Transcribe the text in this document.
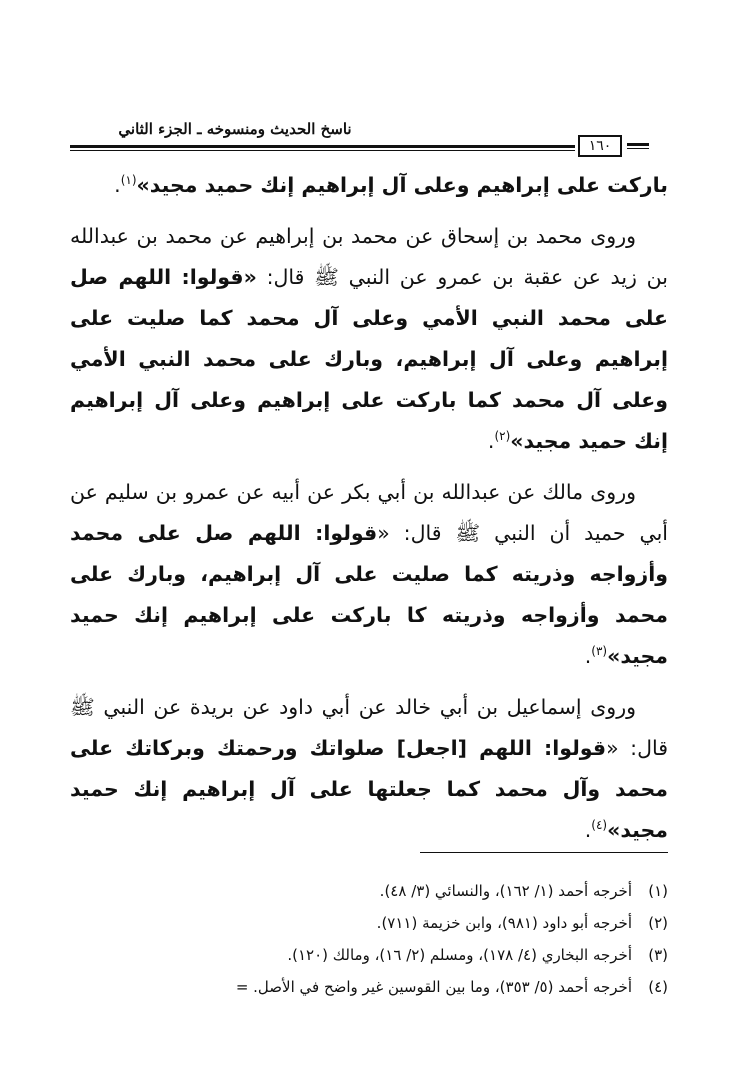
ناسخ الحديث ومنسوخه ـ الجزء الثاني
١٦٠

باركت على إبراهيم وعلى آل إبراهيم إنك حميد مجيد»$^{(١)}$.

وروى محمد بن إسحاق عن محمد بن إبراهيم عن محمد بن عبدالله بن زيد عن عقبة بن عمرو عن النبي ﷺ قال: «قولوا: اللهم صل على محمد النبي الأمي وعلى آل محمد كما صليت على إبراهيم وعلى آل إبراهيم، وبارك على محمد النبي الأمي وعلى آل محمد كما باركت على إبراهيم وعلى آل إبراهيم إنك حميد مجيد»$^{(٢)}$.

وروى مالك عن عبدالله بن أبي بكر عن أبيه عن عمرو بن سليم عن أبي حميد أن النبي ﷺ قال: «قولوا: اللهم صل على محمد وأزواجه وذريته كما صليت على آل إبراهيم، وبارك على محمد وأزواجه وذريته كا باركت على إبراهيم إنك حميد مجيد»$^{(٣)}$.

وروى إسماعيل بن أبي خالد عن أبي داود عن بريدة عن النبي ﷺ قال: «قولوا: اللهم [اجعل] صلواتك ورحمتك وبركاتك على محمد وآل محمد كما جعلتها على آل إبراهيم إنك حميد مجيد»$^{(٤)}$.

(١)أخرجه أحمد (١/ ١٦٢)، والنسائي (٣/ ٤٨).
(٢)أخرجه أبو داود (٩٨١)، وابن خزيمة (٧١١).
(٣)أخرجه البخاري (٤/ ١٧٨)، ومسلم (٢/ ١٦)، ومالك (١٢٠).
(٤)أخرجه أحمد (٥/ ٣٥٣)، وما بين القوسين غير واضح في الأصل. =
